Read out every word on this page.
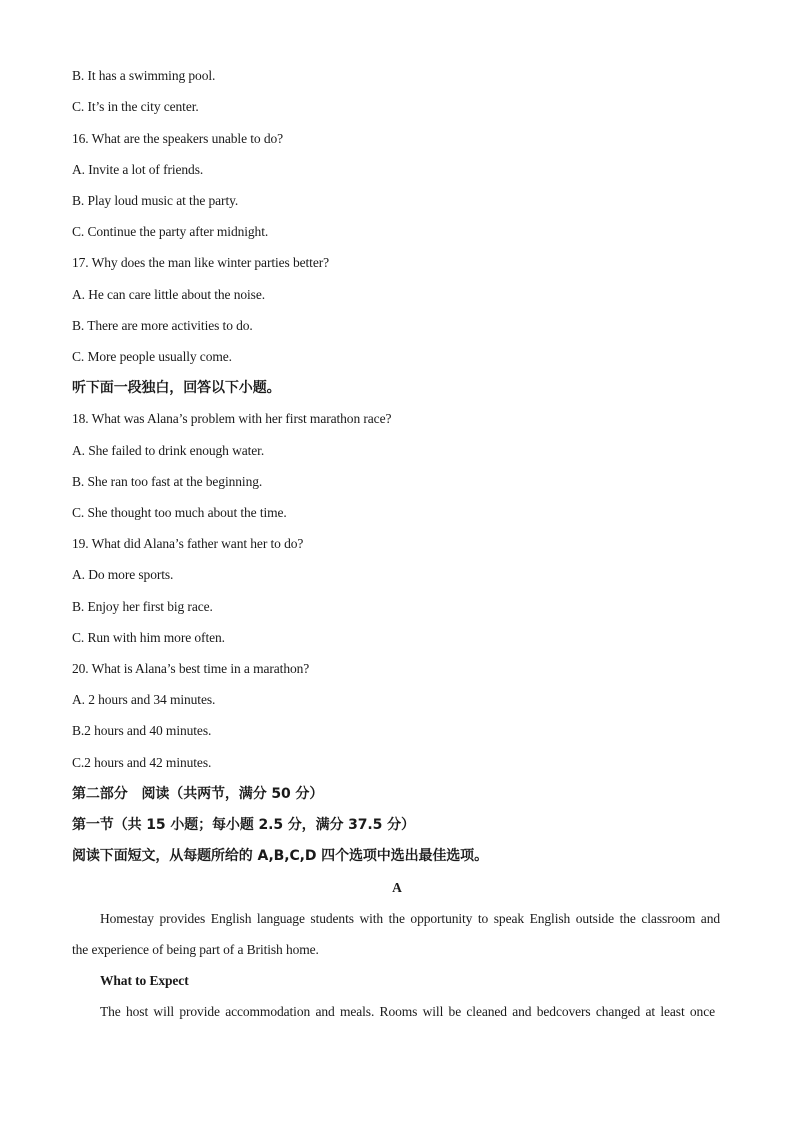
B. It has a swimming pool.
C. It’s in the city center.
16. What are the speakers unable to do?
A. Invite a lot of friends.
B. Play loud music at the party.
C. Continue the party after midnight.
17. Why does the man like winter parties better?
A. He can care little about the noise.
B. There are more activities to do.
C. More people usually come.
听下面一段独白，回答以下小题。
18. What was Alana’s problem with her first marathon race?
A. She failed to drink enough water.
B. She ran too fast at the beginning.
C. She thought too much about the time.
19. What did Alana’s father want her to do?
A. Do more sports.
B. Enjoy her first big race.
C. Run with him more often.
20. What is Alana’s best time in a marathon?
A. 2 hours and 34 minutes.
B.2 hours and 40 minutes.
C.2 hours and 42 minutes.
第二部分　阅读（共两节，满分 50 分）
第一节（共 15 小题；每小题 2.5 分，满分 37.5 分）
阅读下面短文，从每题所给的 A,B,C,D 四个选项中选出最佳选项。
A
Homestay provides English language students with the opportunity to speak English outside the classroom and
the experience of being part of a British home.
What to Expect
The host will provide accommodation and meals. Rooms will be cleaned and bedcovers changed at least once
